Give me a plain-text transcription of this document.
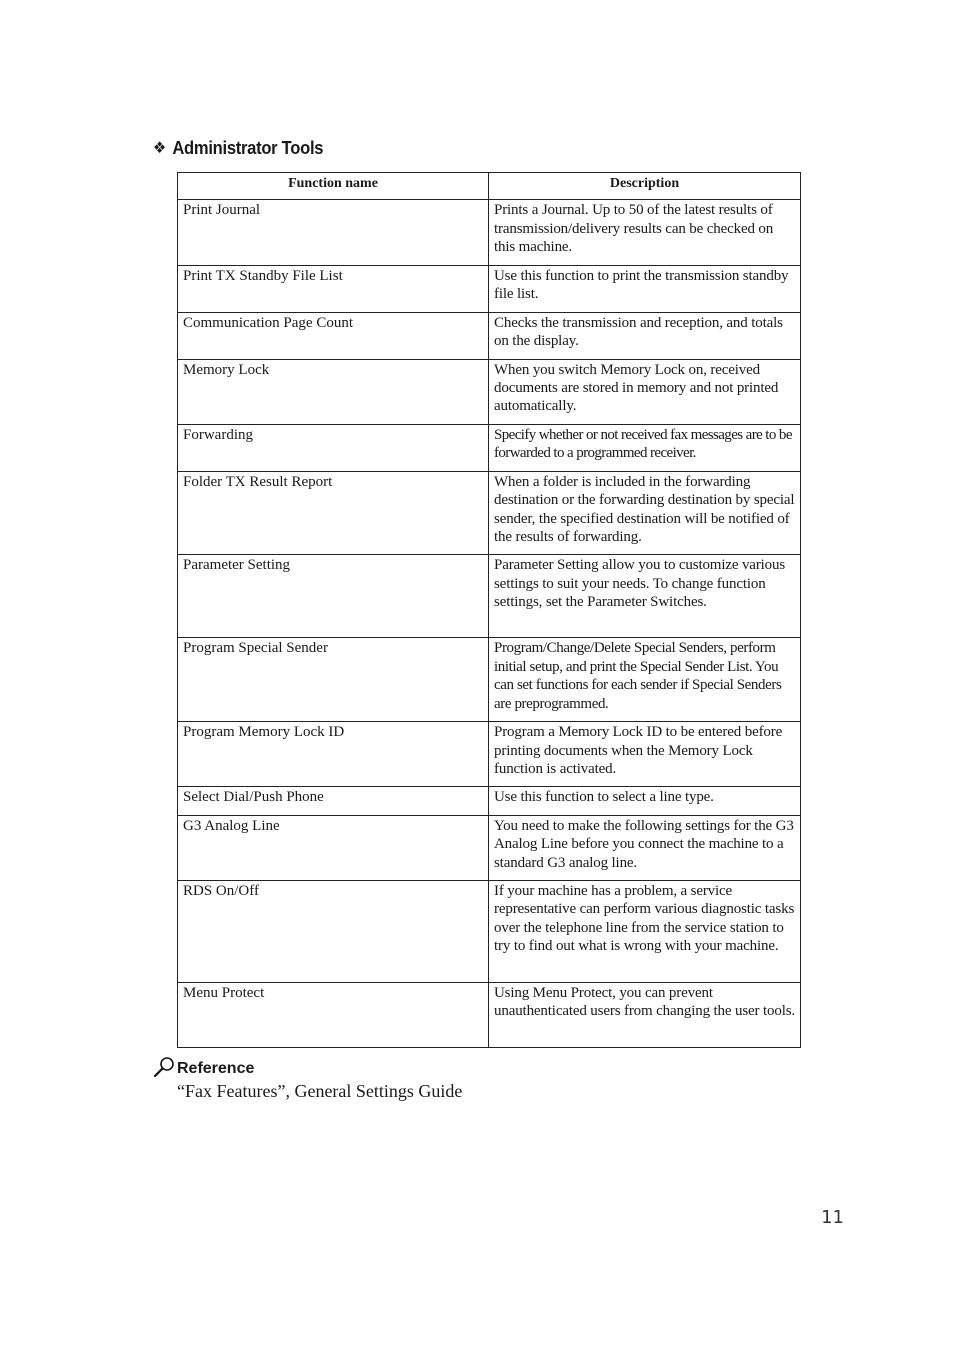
❖ Administrator Tools
Function name	Description
Print Journal	Prints a Journal. Up to 50 of the latest results of transmission/delivery results can be checked on this machine.
Print TX Standby File List	Use this function to print the transmission standby file list.
Communication Page Count	Checks the transmission and reception, and totals on the display.
Memory Lock	When you switch Memory Lock on, received documents are stored in memory and not printed automatically.
Forwarding	Specify whether or not received fax messages are to be forwarded to a programmed receiver.
Folder TX Result Report	When a folder is included in the forwarding destination or the forwarding destination by special sender, the specified destination will be notified of the results of forwarding.
Parameter Setting	Parameter Setting allow you to customize various settings to suit your needs. To change function settings, set the Parameter Switches.
Program Special Sender	Program/Change/Delete Special Senders, perform initial setup, and print the Special Sender List. You can set functions for each sender if Special Senders are preprogrammed.
Program Memory Lock ID	Program a Memory Lock ID to be entered before printing documents when the Memory Lock function is activated.
Select Dial/Push Phone	Use this function to select a line type.
G3 Analog Line	You need to make the following settings for the G3 Analog Line before you connect the machine to a standard G3 analog line.
RDS On/Off	If your machine has a problem, a service representative can perform various diagnostic tasks over the telephone line from the service station to try to find out what is wrong with your machine.
Menu Protect	Using Menu Protect, you can prevent unauthenticated users from changing the user tools.
Reference
“Fax Features”, General Settings Guide
11
